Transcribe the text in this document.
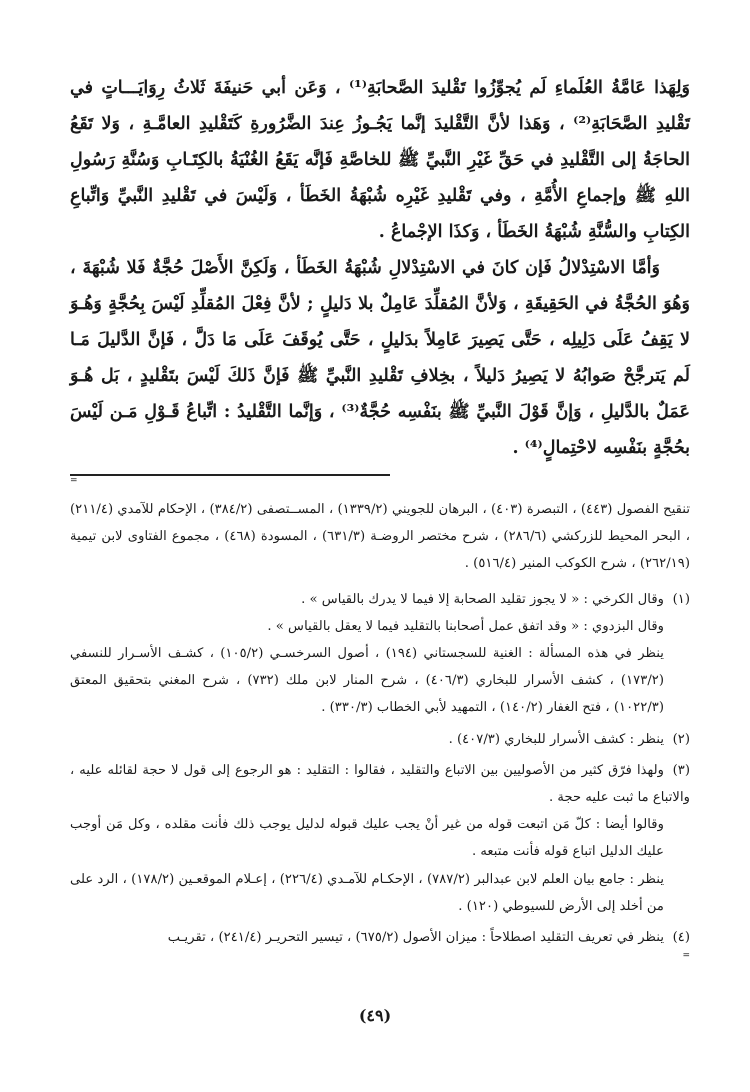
وَلِهَذا عَامَّةُ العُلَماءِ لَم يُجوِّزُوا تَقْليدَ الصَّحابَةِ⁽¹⁾ ، وَعَن أبي حَنيفَةَ ثَلاثُ رِوَايَـــاتٍ في تَقْليدِ الصَّحَابَةِ⁽²⁾ ، وَهَذا لأنَّ التَّقْليدَ إنَّما يَجُـوزُ عِندَ الضَّرُورةِ كَتَقْليدِ العامَّـةِ ، وَلا تَقَعُ الحاجَةُ إلى التَّقْليدِ في حَقِّ غَيْرِ النَّبيِّ ﷺ للخاصَّةِ فَإنَّه يَقَعُ الغُنْيَةُ بالكِتَـابِ وَسُنَّةِ رَسُولِ اللهِ ﷺ وإجماعِ الأُمَّةِ ، وفي تَقْليدِ غَيْرِه شُبْهَةُ الخَطَأ ، وَلَيْسَ في تَقْليدِ النَّبيِّ وَاتِّباعِ الكِتابِ والسُّنَّةِ شُبْهَةُ الخَطَأ ، وَكذَا الإجْماعُ .

وَأمَّا الاسْتِدْلالُ فَإن كانَ في الاسْتِدْلالِ شُبْهَةُ الخَطَأ ، وَلَكِنَّ الأَصْلَ حُجَّةٌ فَلا شُبْهَةَ ، وَهُوَ الحُجَّةُ في الحَقِيقَةِ ، وَلأنَّ المُقلِّدَ عَامِلٌ بلا دَليلٍ ; لأنَّ فِعْلَ المُقلِّدِ لَيْسَ بِحُجَّةٍ وَهُـوَ لا يَقِفُ عَلَى دَلِيلِه ، حَتَّى يَصِيرَ عَامِلاً بدَليلٍ ، حَتَّى يُوقَفَ عَلَى مَا دَلَّ ، فَإنَّ الدَّليلَ مَـا لَم يَترجَّحْ صَوابُهُ لا يَصِيرُ دَليلاً ، بخِلافِ تَقْليدِ النَّبيِّ ﷺ فَإنَّ ذَلكَ لَيْسَ بتَقْليدٍ ، بَل هُـوَ عَمَلٌ بالدَّليلِ ، وَإنَّ قَوْلَ النَّبيِّ ﷺ بنَفْسِه حُجَّةٌ⁽³⁾ ، وَإنَّما التَّقْليدُ : اتِّباعُ قَـوْلِ مَـن لَيْسَ بحُجَّةٍ بنَفْسِه لاحْتِمالٍ⁽⁴⁾ .

=

تنقيح الفصول (٤٤٣) ، التبصرة (٤٠٣) ، البرهان للجويني (١٣٣٩/٢) ، المســتصفى (٣٨٤/٢) ، الإحكام للآمدي (٢١١/٤) ، البحر المحيط للزركشي (٢٨٦/٦) ، شرح مختصر الروضـة (٦٣١/٣) ، المسودة (٤٦٨) ، مجموع الفتاوى لابن تيمية (٢٦٢/١٩) ، شرح الكوكب المنير (٥١٦/٤) .

(١)وقال الكرخي : « لا يجوز تقليد الصحابة إلا فيما لا يدرك بالقياس » .

وقال البزدوي : « وقد اتفق عمل أصحابنا بالتقليد فيما لا يعقل بالقياس » .

ينظر في هذه المسألة : الغنية للسجستاني (١٩٤) ، أصول السرخسـي (١٠٥/٢) ، كشـف الأسـرار للنسفي (١٧٣/٢) ، كشف الأسرار للبخاري (٤٠٦/٣) ، شرح المنار لابن ملك (٧٣٢) ، شرح المغني بتحقيق المعتق (١٠٢٢/٣) ، فتح الغفار (١٤٠/٢) ، التمهيد لأبي الخطاب (٣٣٠/٣) .

(٢)ينظر : كشف الأسرار للبخاري (٤٠٧/٣) .

(٣)ولهذا فرّق كثير من الأصوليين بين الاتباع والتقليد ، فقالوا : التقليد : هو الرجوع إلى قول لا حجة لقائله عليه ، والاتباع ما ثبت عليه حجة .

وقالوا أيضا : كلّ مَن اتبعت قوله من غير أنْ يجب عليك قبوله لدليل يوجب ذلك فأنت مقلده ، وكل مَن أوجب عليك الدليل اتباع قوله فأنت متبعه .

ينظر : جامع بيان العلم لابن عبدالبر (٧٨٧/٢) ، الإحكـام للآمـدي (٢٢٦/٤) ، إعـلام الموقعـين (١٧٨/٢) ، الرد على من أخلد إلى الأرض للسيوطي (١٢٠) .

(٤)ينظر في تعريف التقليد اصطلاحاً : ميزان الأصول (٦٧٥/٢) ، تيسير التحريـر (٢٤١/٤) ، تقريـب

=
(٤٩)
